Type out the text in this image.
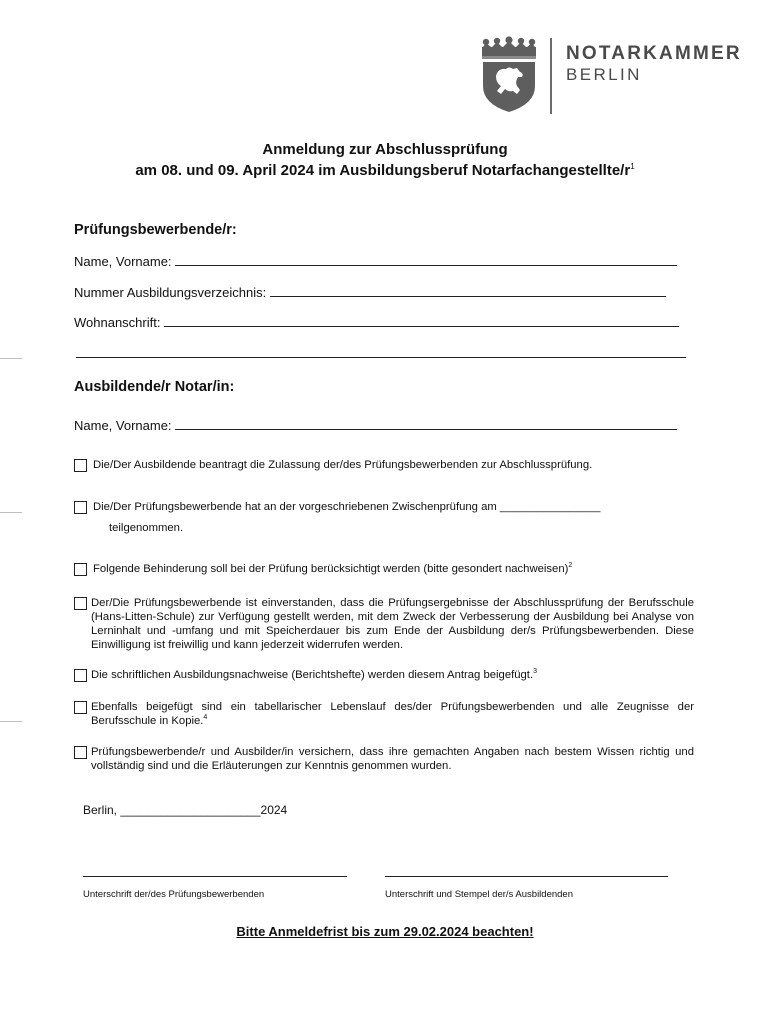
NOTARKAMMER
BERLIN
Anmeldung zur Abschlussprüfung
am 08. und 09. April 2024 im Ausbildungsberuf Notarfachangestellte/$r^1$
Prüfungsbewerbende/r:
Name, Vorname:
Nummer Ausbildungsverzeichnis:
Wohnanschrift:
Ausbildende/r Notar/in:
Name, Vorname:
Die/Der Ausbildende beantragt die Zulassung der/des Prüfungsbewerbenden zur Abschlussprüfung.
Die/Der Prüfungsbewerbende hat an der vorgeschriebenen Zwischenprüfung am ________________
teilgenommen.
Folgende Behinderung soll bei der Prüfung berücksichtigt werden (bitte gesondert nachweisen)$^2$
Der/Die Prüfungsbewerbende ist einverstanden, dass die Prüfungsergebnisse der Abschlussprüfung der Berufsschule (Hans-Litten-Schule) zur Verfügung gestellt werden, mit dem Zweck der Verbesserung der Ausbildung bei Analyse von Lerninhalt und -umfang und mit Speicherdauer bis zum Ende der Ausbildung der/s Prüfungsbewerbenden. Diese Einwilligung ist freiwillig und kann jederzeit widerrufen werden.
Die schriftlichen Ausbildungsnachweise (Berichtshefte) werden diesem Antrag beigefügt.$^3$
Ebenfalls beigefügt sind ein tabellarischer Lebenslauf des/der Prüfungsbewerbenden und alle Zeugnisse der Berufsschule in Kopie.$^4$
Prüfungsbewerbende/r und Ausbilder/in versichern, dass ihre gemachten Angaben nach bestem Wissen richtig und vollständig sind und die Erläuterungen zur Kenntnis genommen wurden.
Berlin, _____________________2024
Unterschrift der/des Prüfungsbewerbenden	Unterschrift und Stempel der/s Ausbildenden
Bitte Anmeldefrist bis zum 29.02.2024 beachten!
